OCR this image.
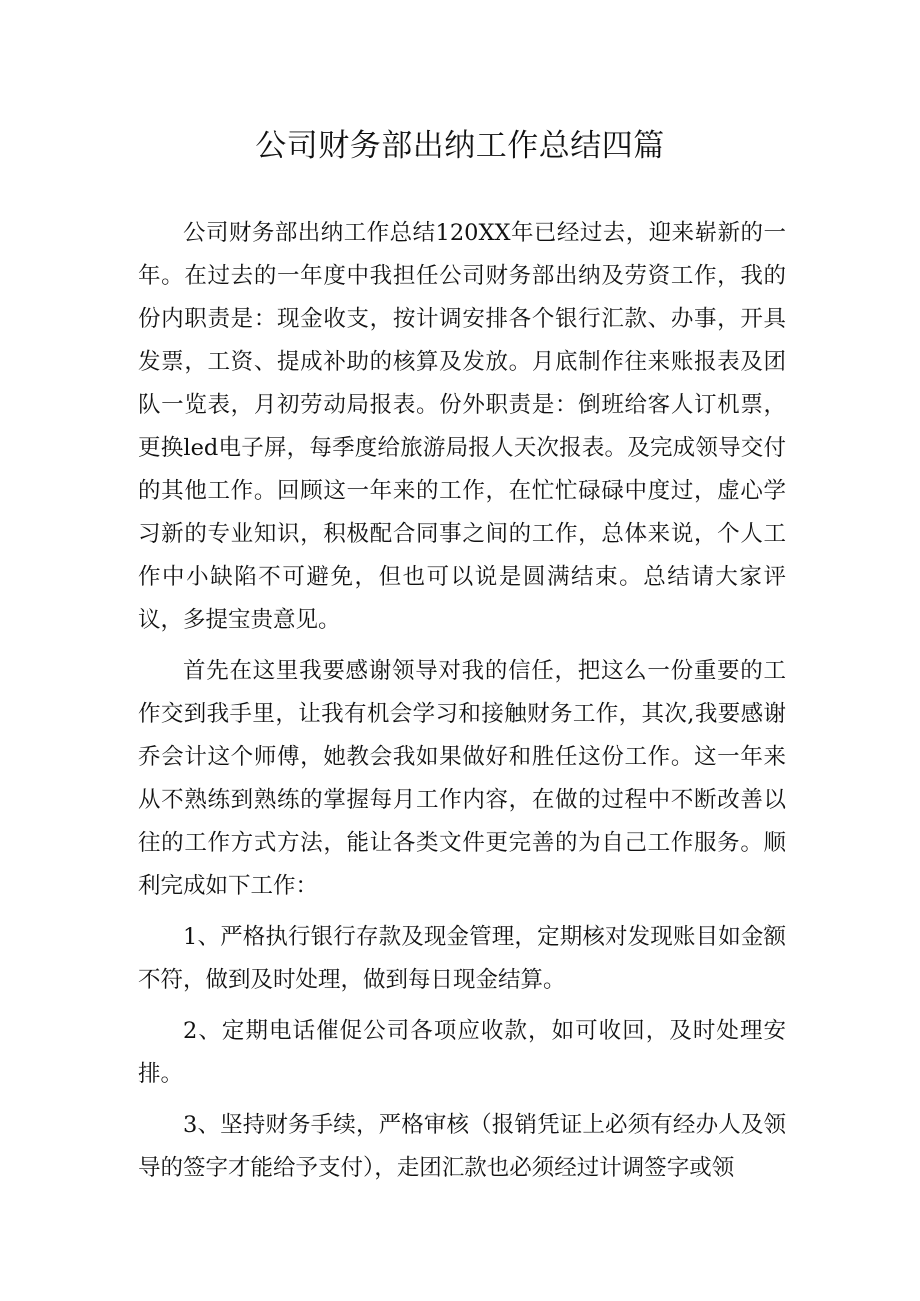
公司财务部出纳工作总结四篇

公司财务部出纳工作总结120XX年已经过去，迎来崭新的一年。在过去的一年度中我担任公司财务部出纳及劳资工作，我的份内职责是：现金收支，按计调安排各个银行汇款、办事，开具发票，工资、提成补助的核算及发放。月底制作往来账报表及团队一览表，月初劳动局报表。份外职责是：倒班给客人订机票，更换led电子屏，每季度给旅游局报人天次报表。及完成领导交付的其他工作。回顾这一年来的工作，在忙忙碌碌中度过，虚心学习新的专业知识，积极配合同事之间的工作，总体来说，个人工作中小缺陷不可避免，但也可以说是圆满结束。总结请大家评议，多提宝贵意见。

首先在这里我要感谢领导对我的信任，把这么一份重要的工作交到我手里，让我有机会学习和接触财务工作，其次,我要感谢乔会计这个师傅，她教会我如果做好和胜任这份工作。这一年来从不熟练到熟练的掌握每月工作内容，在做的过程中不断改善以往的工作方式方法，能让各类文件更完善的为自己工作服务。顺利完成如下工作：

1、严格执行银行存款及现金管理，定期核对发现账目如金额不符，做到及时处理，做到每日现金结算。

2、定期电话催促公司各项应收款，如可收回，及时处理安排。

3、坚持财务手续，严格审核（报销凭证上必须有经办人及领导的签字才能给予支付），走团汇款也必须经过计调签字或领
